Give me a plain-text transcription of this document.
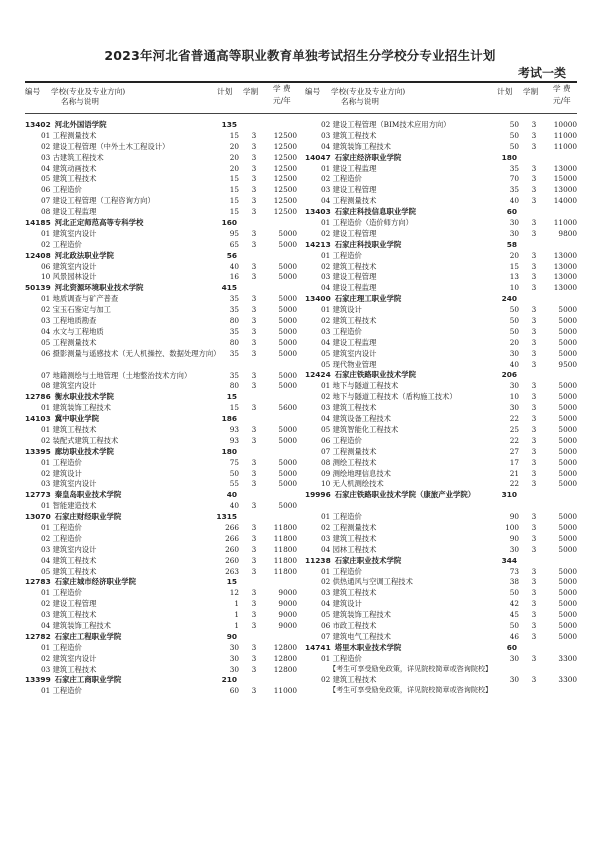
2023年河北省普通高等职业教育单独考试招生分学校分专业招生计划
考试一类
编号 学校(专业及专业方向)
名称与说明
计划 学制 学 费
元/年
13402 河北外国语学院	135
01 工程测量技术	15	3	12500
02 建设工程管理（中外土木工程设计）	20	3	12500
03 古建筑工程技术	20	3	12500
04 建筑动画技术	20	3	12500
05 建筑工程技术	15	3	12500
06 工程造价	15	3	12500
07 建设工程管理（工程咨询方向）	15	3	12500
08 建设工程监理	15	3	12500
14185 河北正定师范高等专科学校	160
01 建筑室内设计	95	3	5000
02 工程造价	65	3	5000
12408 河北政法职业学院	56
06 建筑室内设计	40	3	5000
10 风景园林设计	16	3	5000
50139 河北资源环境职业技术学院	415
01 地质调查与矿产普查	35	3	5000
02 宝玉石鉴定与加工	35	3	5000
03 工程地质勘查	80	3	5000
04 水文与工程地质	35	3	5000
05 工程测量技术	80	3	5000
06 摄影测量与遥感技术（无人机操控、数据处理方向）	35	3	5000
07 地籍测绘与土地管理（土地整治技术方向）	35	3	5000
08 建筑室内设计	80	3	5000
12786 衡水职业技术学院	15
01 建筑装饰工程技术	15	3	5600
14103 冀中职业学院	186
01 建筑工程技术	93	3	5000
02 装配式建筑工程技术	93	3	5000
13395 廊坊职业技术学院	180
01 工程造价	75	3	5000
02 建筑设计	50	3	5000
03 建筑室内设计	55	3	5000
12773 秦皇岛职业技术学院	40
01 智能建造技术	40	3	5000
13070 石家庄财经职业学院	1315
01 工程造价	266	3	11800
02 工程造价	266	3	11800
03 建筑室内设计	260	3	11800
04 建筑工程技术	260	3	11800
05 建筑工程技术	263	3	11800
12783 石家庄城市经济职业学院	15
01 工程造价	12	3	9000
02 建设工程管理	1	3	9000
03 建筑工程技术	1	3	9000
04 建筑装饰工程技术	1	3	9000
12782 石家庄工程职业学院	90
01 工程造价	30	3	12800
02 建筑室内设计	30	3	12800
03 建筑工程技术	30	3	12800
13399 石家庄工商职业学院	210
01 工程造价	60	3	11000
编号 学校(专业及专业方向)
名称与说明
计划 学制 学 费
元/年
02 建设工程管理（BIM技术应用方向）	50	3	10000
03 建筑工程技术	50	3	11000
04 建筑装饰工程技术	50	3	11000
14047 石家庄经济职业学院	180
01 建设工程监理	35	3	13000
02 工程造价	70	3	15000
03 建设工程管理	35	3	13000
04 工程测量技术	40	3	14000
13403 石家庄科技信息职业学院	60
01 工程造价（造价师方向）	30	3	11000
02 建设工程管理	30	3	9800
14213 石家庄科技职业学院	58
01 工程造价	20	3	13000
02 建筑工程技术	15	3	13000
03 建设工程管理	13	3	13000
04 建设工程监理	10	3	13000
13400 石家庄理工职业学院	240
01 建筑设计	50	3	5000
02 建筑工程技术	50	3	5000
03 工程造价	50	3	5000
04 建设工程监理	20	3	5000
05 建筑室内设计	30	3	5000
05 现代物业管理	40	3	9500
12424 石家庄铁路职业技术学院	206
01 地下与隧道工程技术	30	3	5000
02 地下与隧道工程技术（盾构施工技术）	10	3	5000
03 建筑工程技术	30	3	5000
04 建筑设备工程技术	22	3	5000
05 建筑智能化工程技术	25	3	5000
06 工程造价	22	3	5000
07 工程测量技术	27	3	5000
08 测绘工程技术	17	3	5000
09 测绘地理信息技术	21	3	5000
10 无人机测绘技术	22	3	5000
19996 石家庄铁路职业技术学院（康旅产业学院）	310
01 工程造价	90	3	5000
02 工程测量技术	100	3	5000
03 建筑工程技术	90	3	5000
04 园林工程技术	30	3	5000
11238 石家庄职业技术学院	344
01 工程造价	73	3	5000
02 供热通风与空调工程技术	38	3	5000
03 建筑工程技术	50	3	5000
04 建筑设计	42	3	5000
05 建筑装饰工程技术	45	3	5000
06 市政工程技术	50	3	5000
07 建筑电气工程技术	46	3	5000
14741 塔里木职业技术学院	60
01 工程造价	30	3	3300
【考生可享受励免政策，详见院校简章或咨询院校】
02 建筑工程技术	30	3	3300
【考生可享受励免政策，详见院校简章或咨询院校】
